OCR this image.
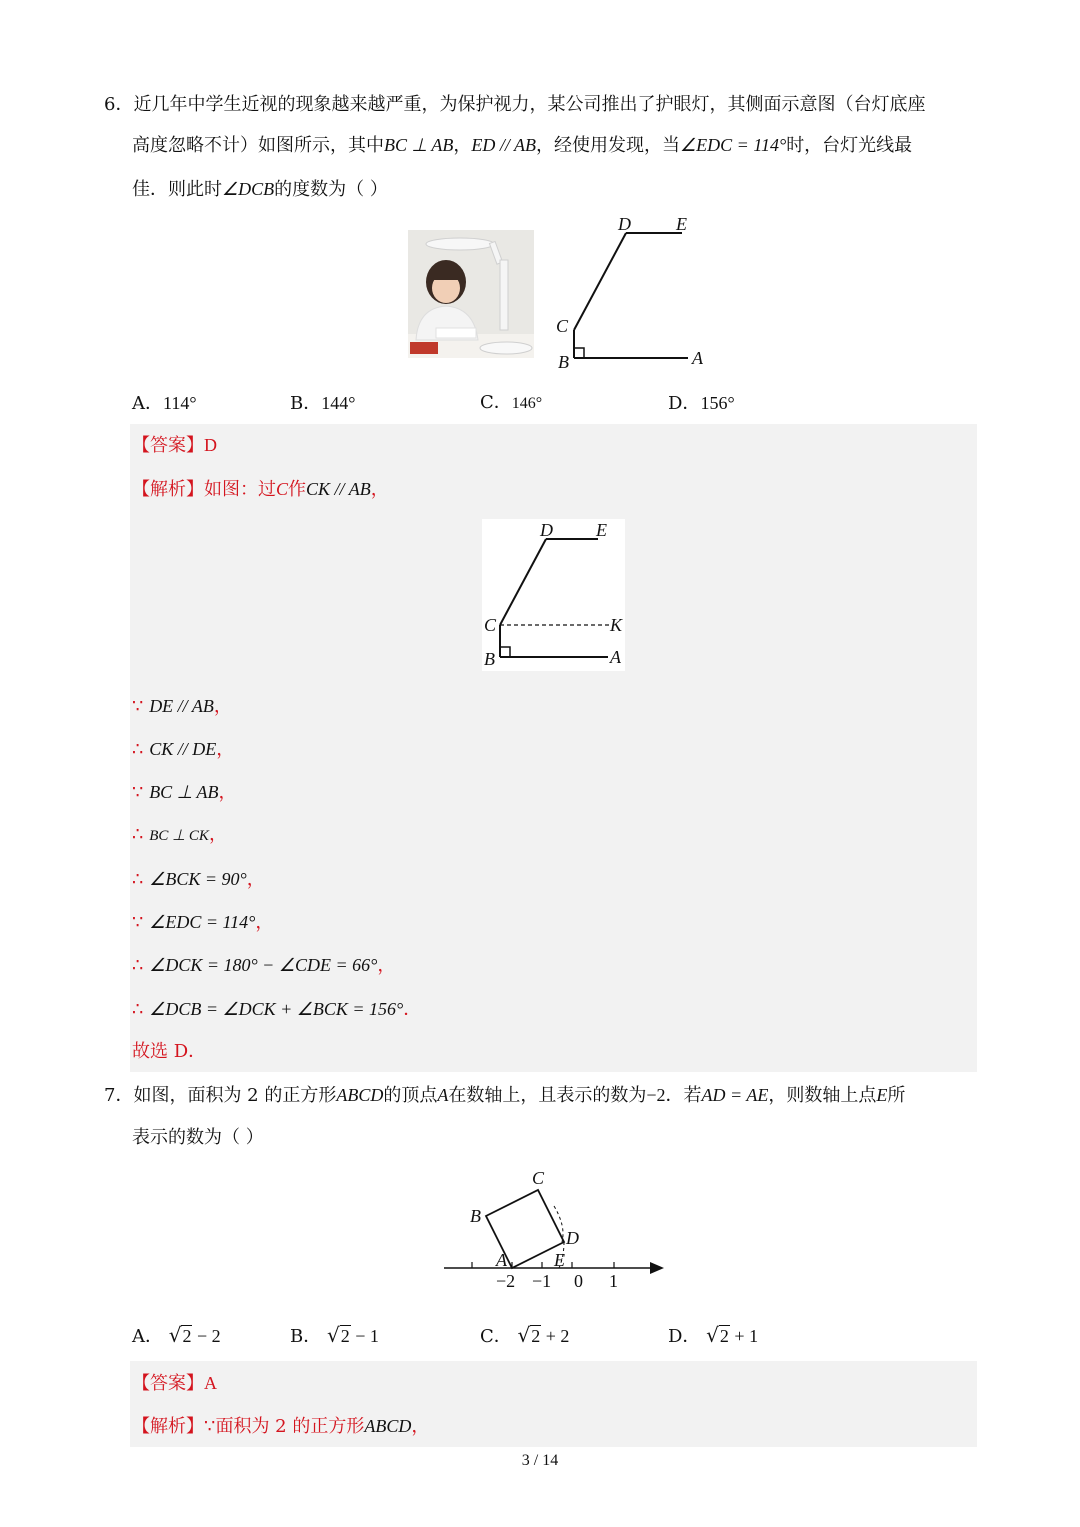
6．近几年中学生近视的现象越来越严重，为保护视力，某公司推出了护眼灯，其侧面示意图（台灯底座
高度忽略不计）如图所示，其中BC ⊥ AB，ED // AB，经使用发现，当∠EDC = 114°时，台灯光线最
佳．则此时∠DCB的度数为（ ）
D	E
C
B	A
A．114°	B．144°	C．146°	D．156°
【答案】D
【解析】如图：过C作CK // AB，
D E
C	K
B	A
∵ DE // AB，
∴ CK // DE，
∵ BC ⊥ AB，
∴ BC ⊥ CK，
∴ ∠BCK = 90°，
∵ ∠EDC = 114°，
∴ ∠DCK = 180° − ∠CDE = 66°，
∴ ∠DCB = ∠DCK + ∠BCK = 156°．
故选 D．
7．如图，面积为 2 的正方形ABCD的顶点A在数轴上，且表示的数为−2．若AD = AE，则数轴上点E所
表示的数为（ ）
A
B
C
D
E
−2 −1 0 1
A． √2 − 2	B． √2 − 1	C． √2 + 2	D． √2 + 1
【答案】A
【解析】∵面积为 2 的正方形ABCD，
3 / 14
